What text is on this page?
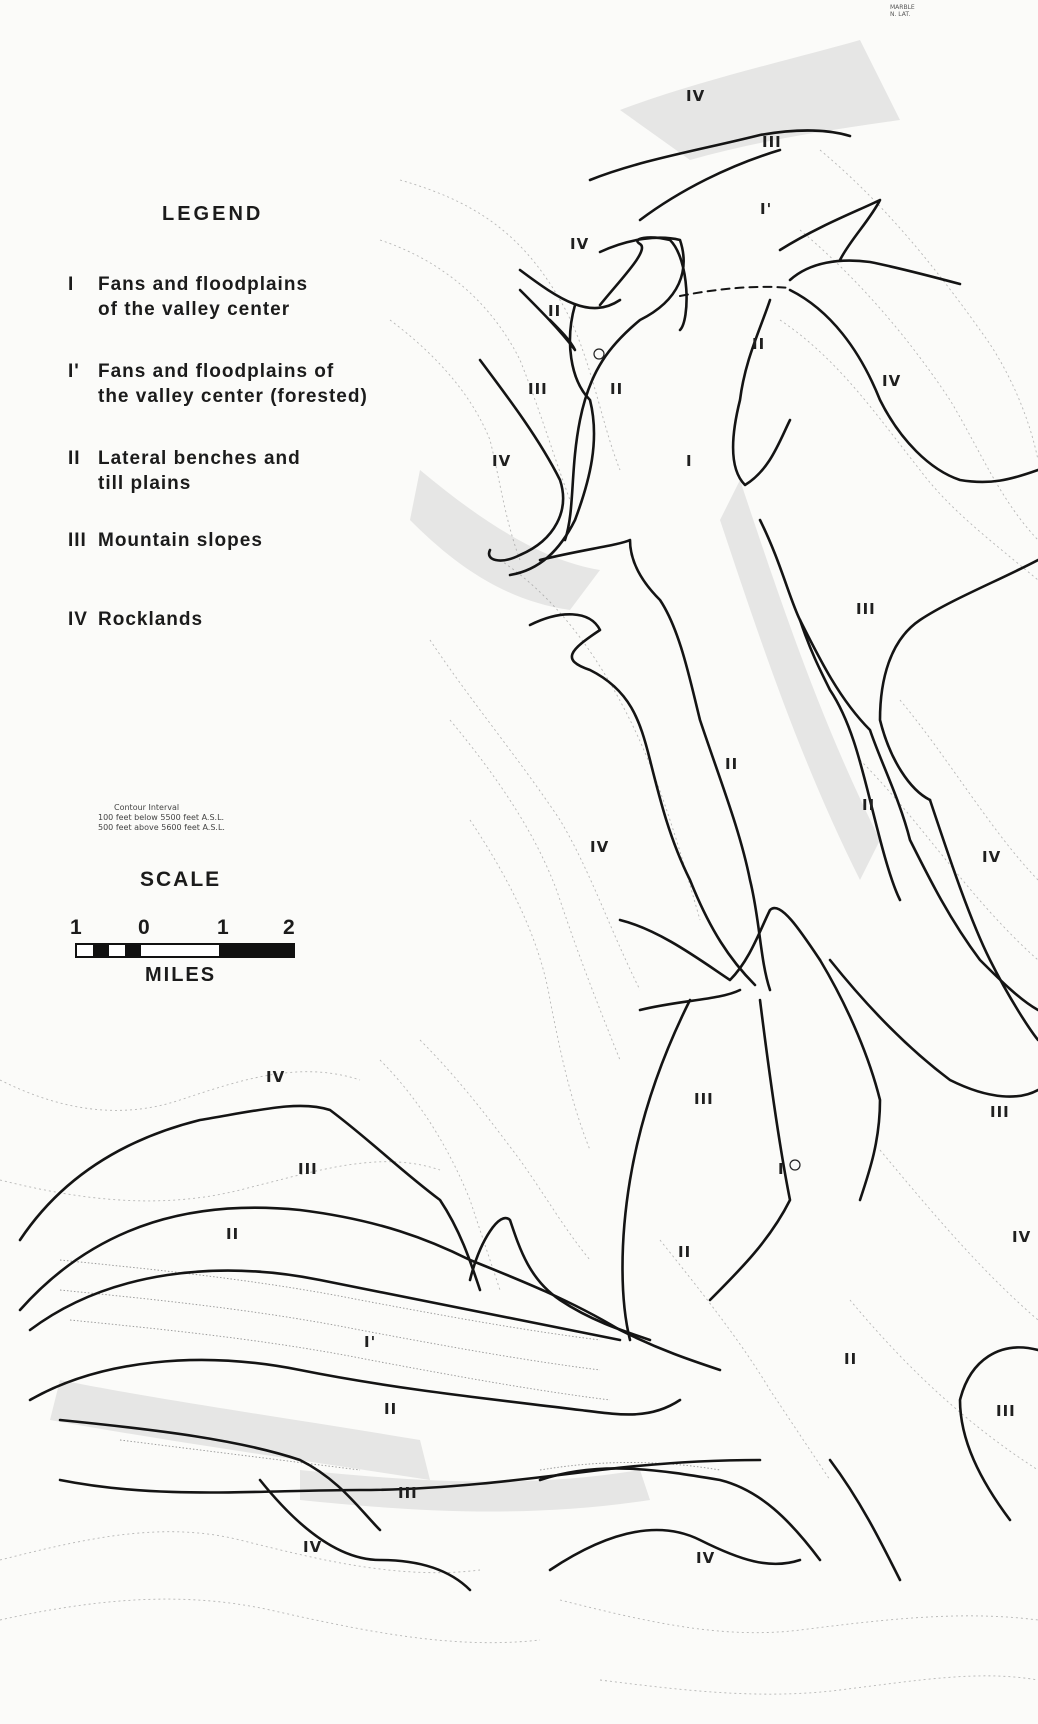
LEGEND
I Fans and floodplains
of the valley center
I' Fans and floodplains of
the valley center (forested)
II Lateral benches and
till plains
III Mountain slopes
IV Rocklands
Contour Interval
100 feet below 5500 feet A.S.L.
500 feet above 5600 feet A.S.L.
SCALE
1	0	1	2
MILES
MARBLE
N. LAT.
IV
III
I'
IV
II
III	II
II
IV
IV	I
III
II
II
IV
IV
IV
III
III
III	I
II
II
IV
I'
II
II	III
III
IV
IV
